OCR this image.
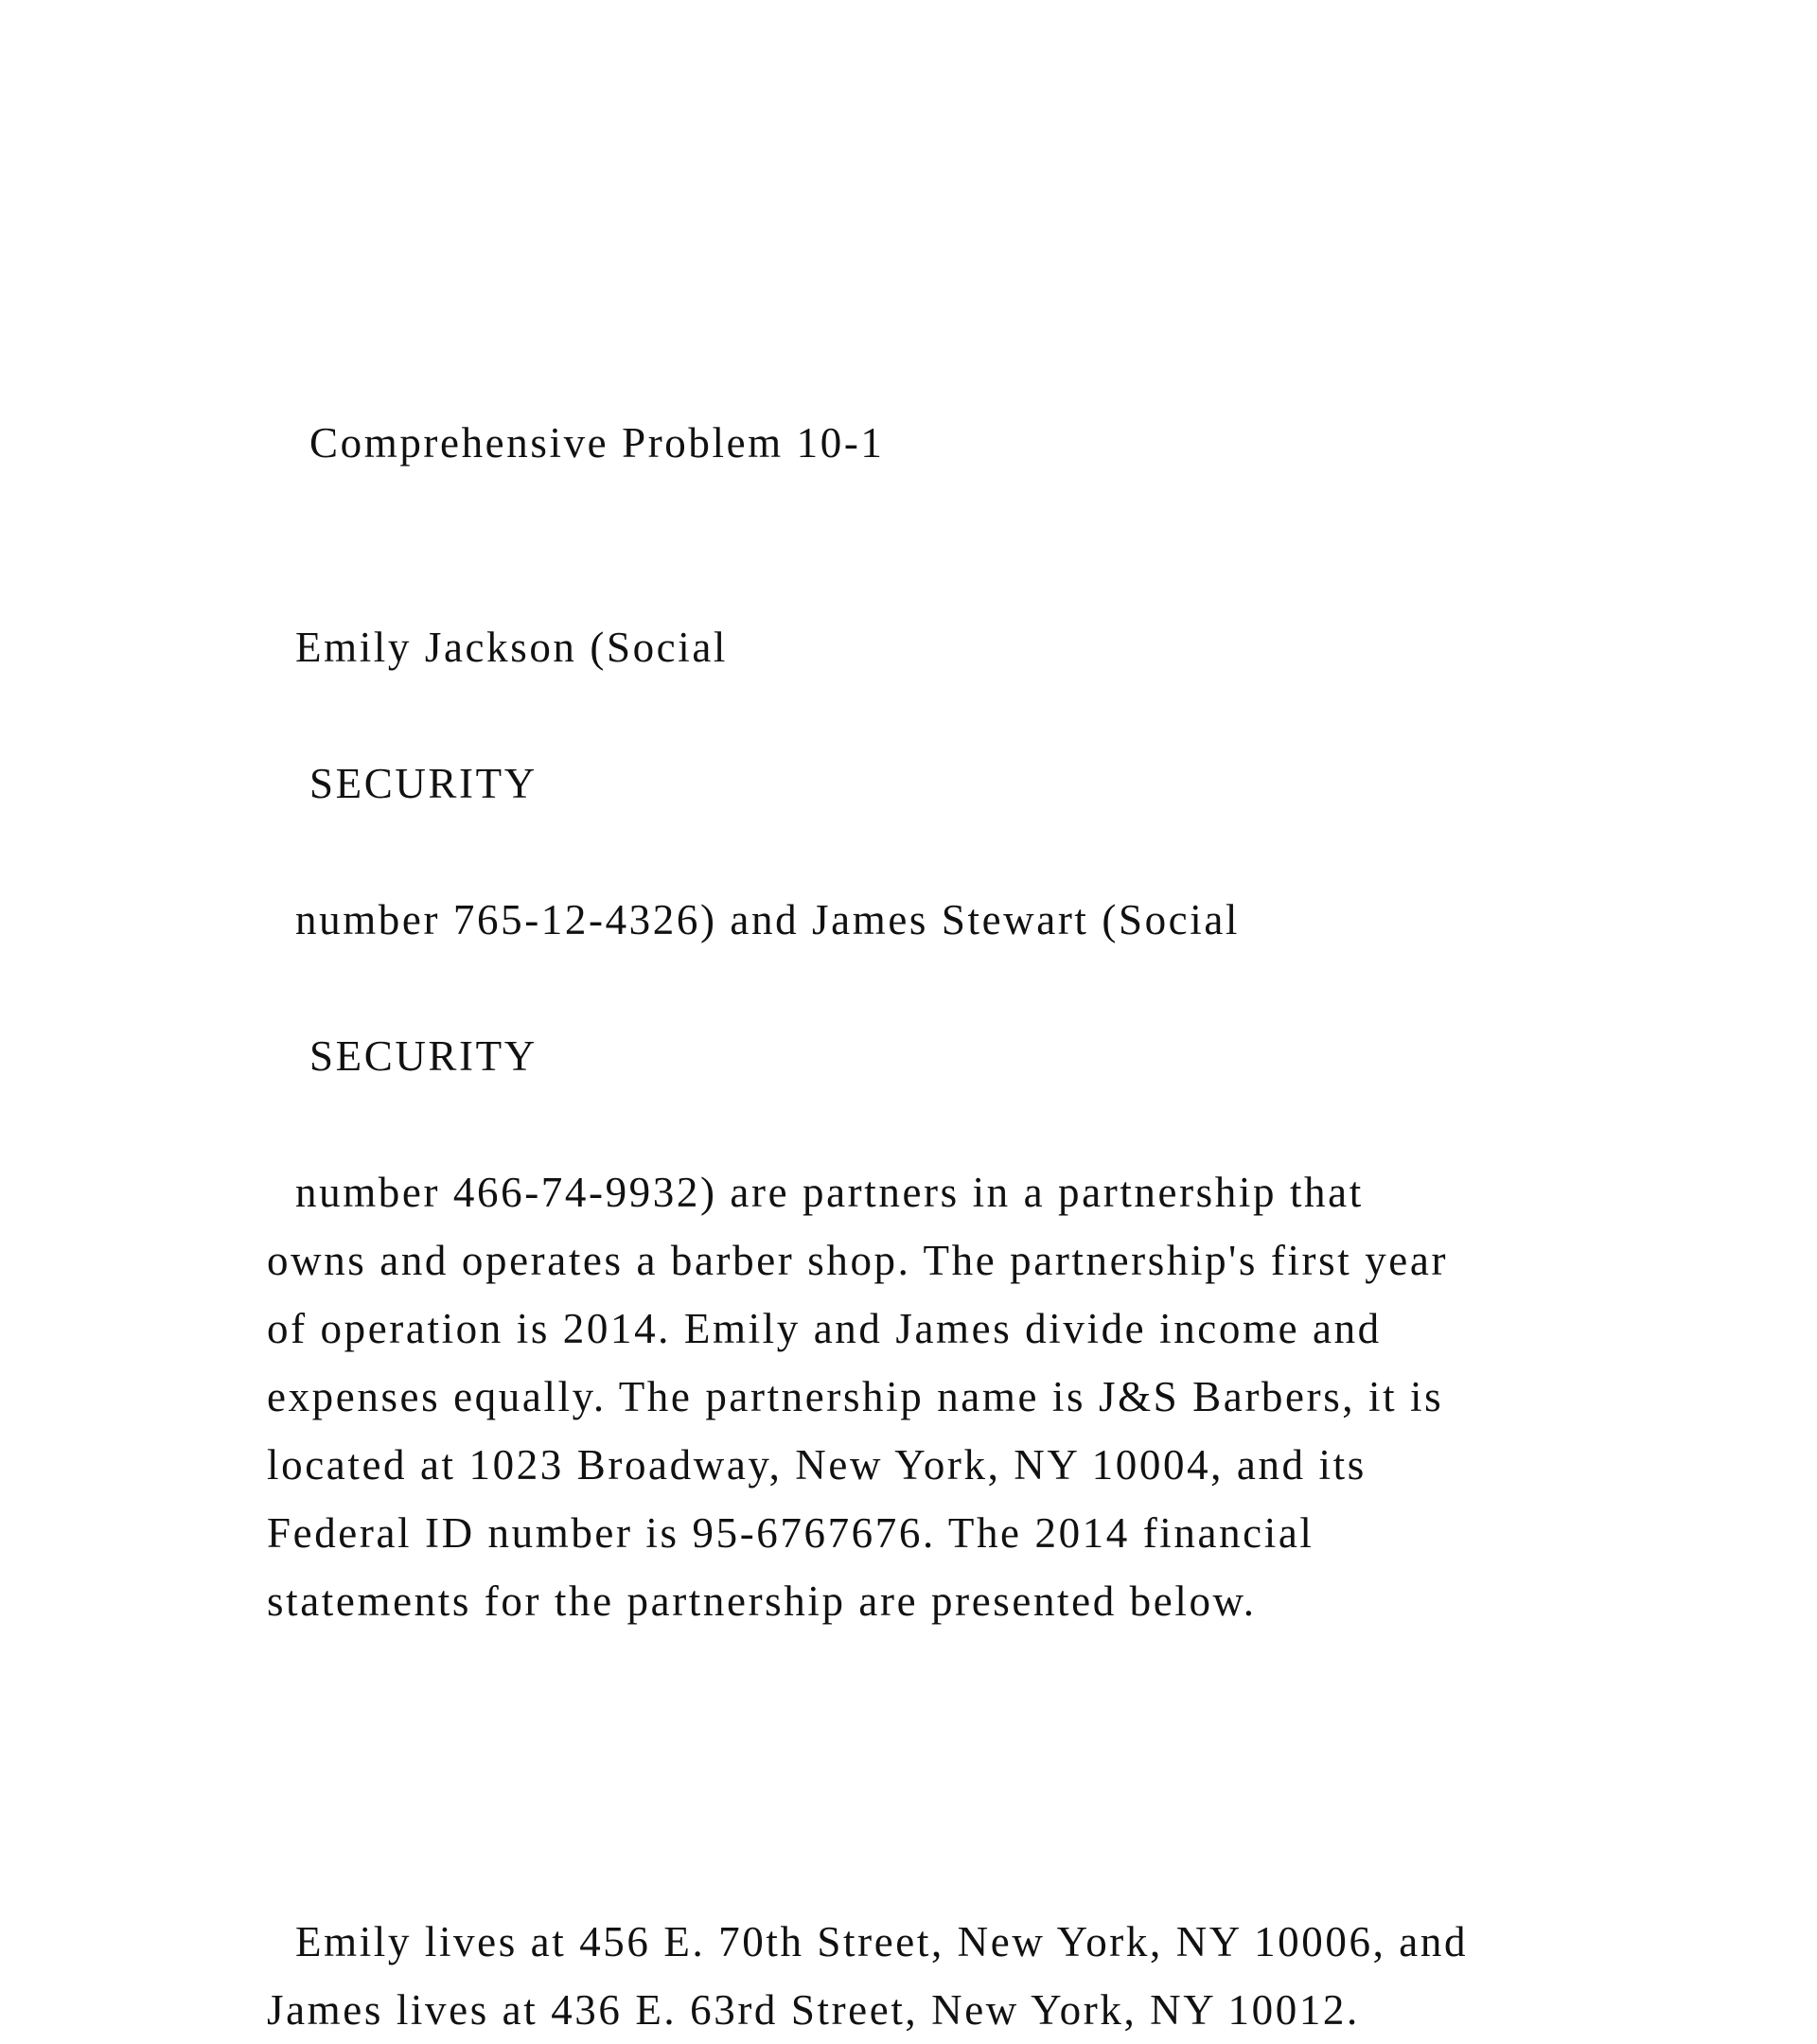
Comprehensive Problem 10-1

Emily Jackson (Social

SECURITY

number 765-12-4326) and James Stewart (Social

SECURITY

number 466-74-9932) are partners in a partnership that
owns and operates a barber shop. The partnership's first year
of operation is 2014. Emily and James divide income and
expenses equally. The partnership name is J&S Barbers, it is
located at 1023 Broadway, New York, NY 10004, and its
Federal ID number is 95-6767676. The 2014 financial
statements for the partnership are presented below.
Emily lives at 456 E. 70th Street, New York, NY 10006, and
James lives at 436 E. 63rd Street, New York, NY 10012.
